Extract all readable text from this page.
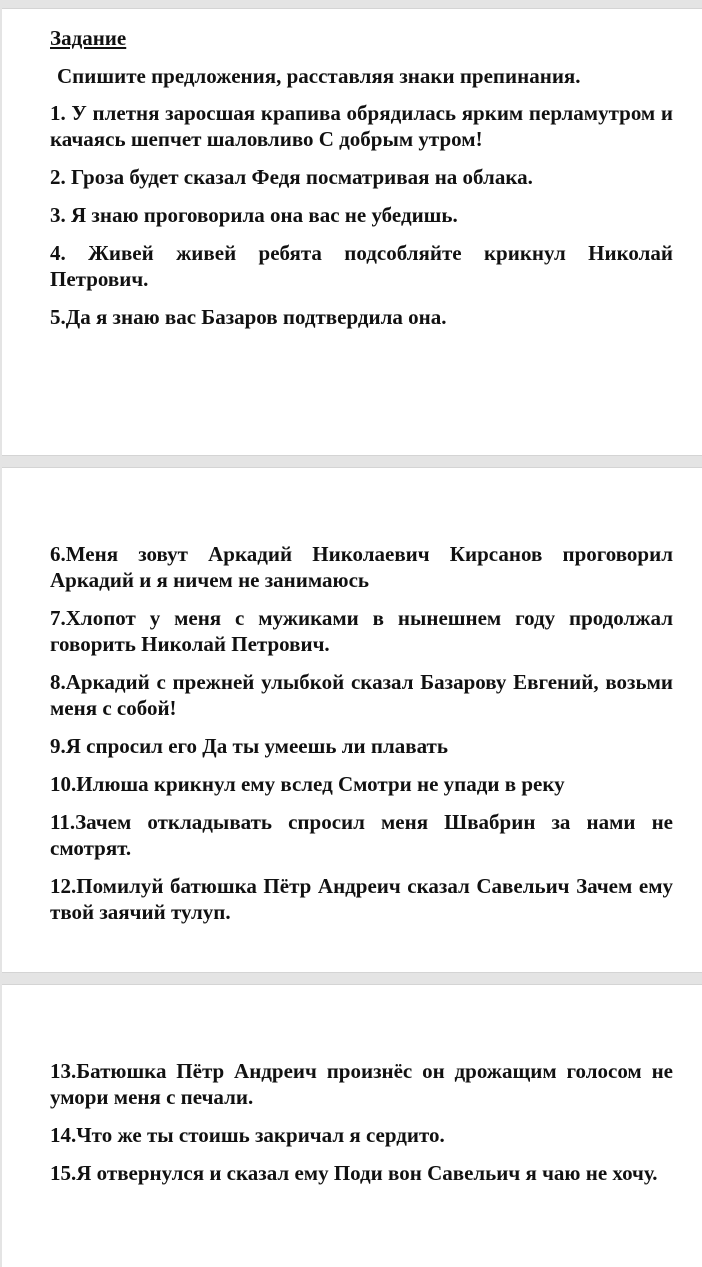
Задание
Спишите предложения, расставляя знаки препинания.
1. У плетня заросшая крапива обрядилась ярким перламутром и качаясь шепчет шаловливо С добрым утром!
2. Гроза будет сказал Федя посматривая на облака.
3. Я знаю проговорила она вас не убедишь.
4. Живей живей ребята подсобляйте крикнул Николай Петрович.
5.Да я знаю вас Базаров подтвердила она.
6.Меня зовут Аркадий Николаевич Кирсанов проговорил Аркадий и я ничем не занимаюсь
7.Хлопот у меня с мужиками в нынешнем году продолжал говорить Николай Петрович.
8.Аркадий с прежней улыбкой сказал Базарову Евгений, возьми меня с собой!
9.Я спросил его Да ты умеешь ли плавать
10.Илюша крикнул ему вслед Смотри не упади в реку
11.Зачем откладывать спросил меня Швабрин за нами не смотрят.
12.Помилуй батюшка Пётр Андреич сказал Савельич Зачем ему твой заячий тулуп.
13.Батюшка Пётр Андреич произнёс он дрожащим голосом не умори меня с печали.
14.Что же ты стоишь закричал я сердито.
15.Я отвернулся и сказал ему Поди вон Савельич я чаю не хочу.
